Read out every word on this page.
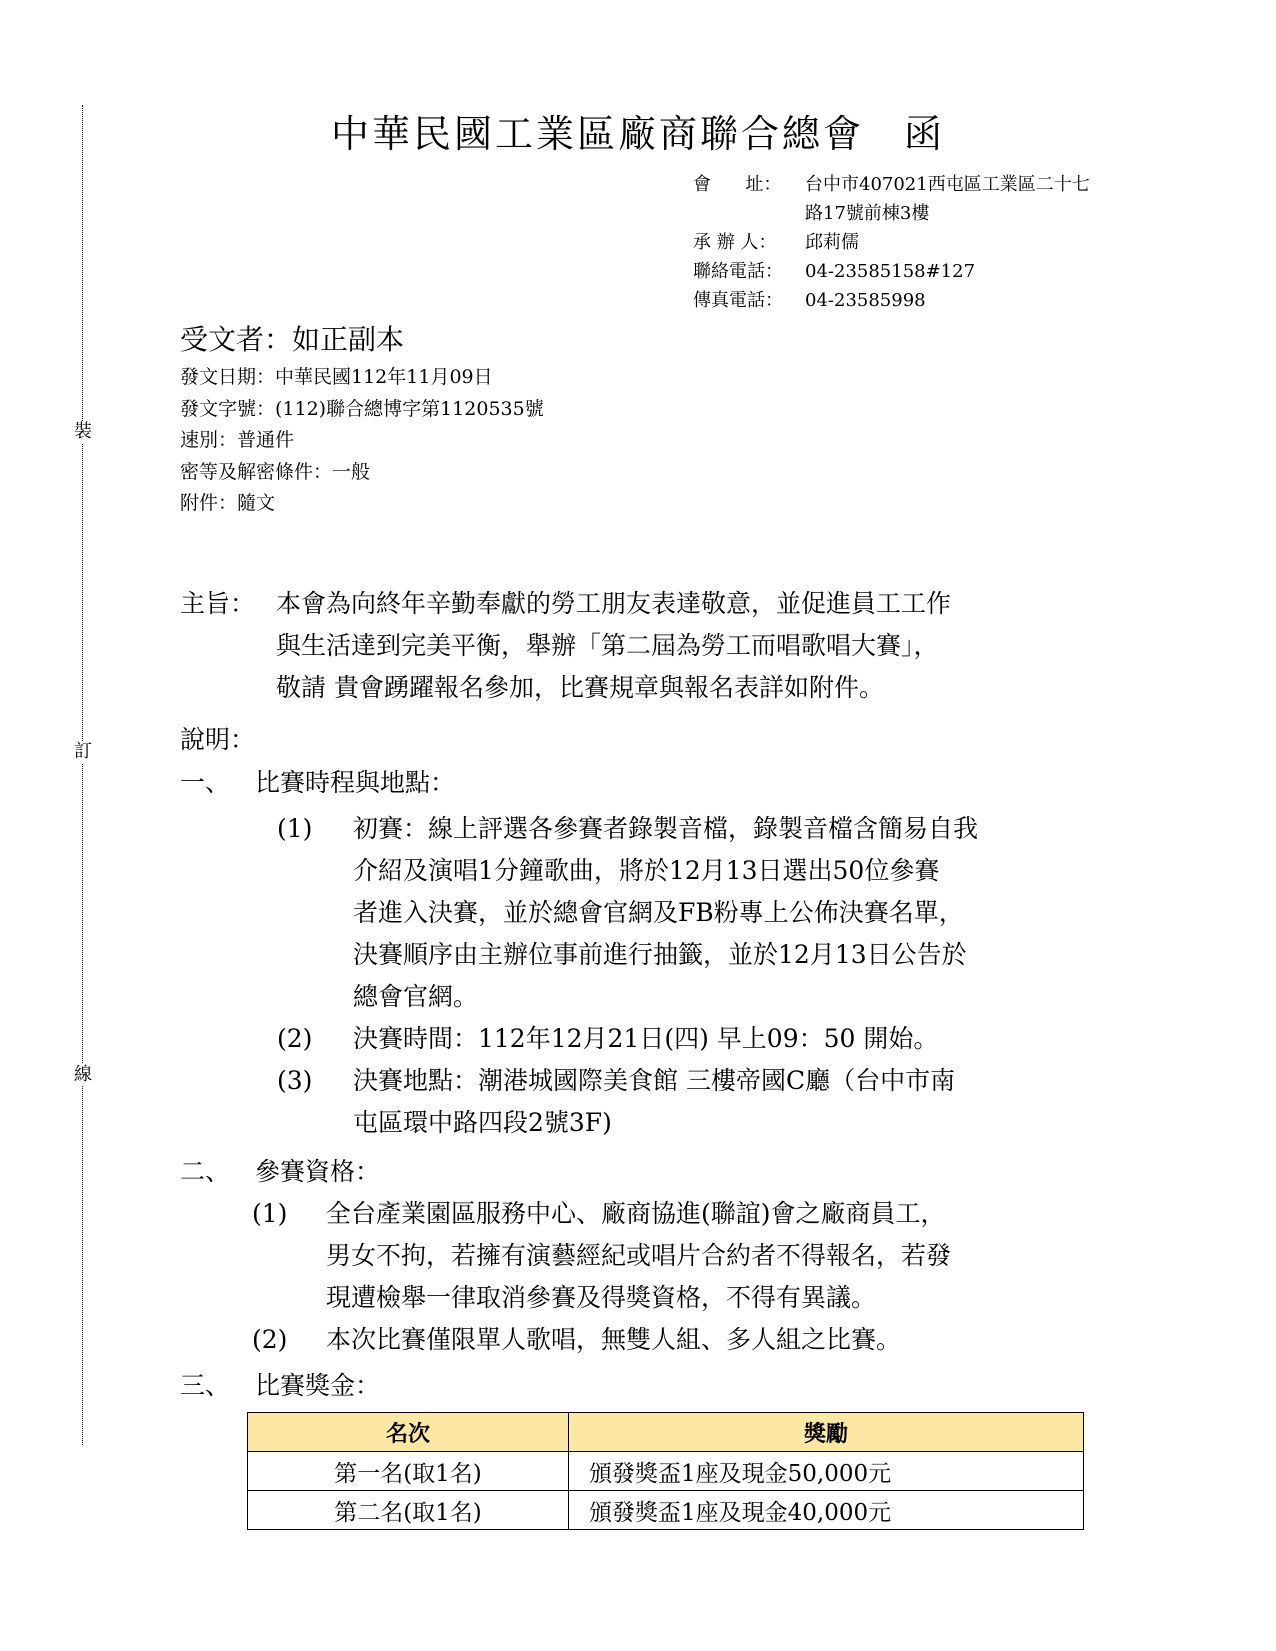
裝
訂
線
中華民國工業區廠商聯合總會 函
會      址：	台中市407021西屯區工業區二十七
路17號前棟3樓
承 辦 人：	邱莉儒
聯絡電話：	04-23585158#127
傳真電話：	04-23585998
受文者：如正副本
發文日期：中華民國112年11月09日
發文字號：(112)聯合總博字第1120535號
速別：普通件
密等及解密條件：一般
附件：隨文
主旨： 本會為向終年辛勤奉獻的勞工朋友表達敬意，並促進員工工作
與生活達到完美平衡，舉辦「第二屆為勞工而唱歌唱大賽」，
敬請 貴會踴躍報名參加，比賽規章與報名表詳如附件。
說明：
一、 比賽時程與地點：
(1) 初賽：線上評選各參賽者錄製音檔，錄製音檔含簡易自我
介紹及演唱1分鐘歌曲，將於12月13日選出50位參賽
者進入決賽，並於總會官網及FB粉專上公佈決賽名單，
決賽順序由主辦位事前進行抽籤，並於12月13日公告於
總會官網。
(2) 決賽時間：112年12月21日(四) 早上09：50 開始。
(3) 決賽地點：潮港城國際美食館 三樓帝國C廳（台中市南
屯區環中路四段2號3F)
二、 參賽資格：
(1) 全台產業園區服務中心、廠商協進(聯誼)會之廠商員工，
男女不拘，若擁有演藝經紀或唱片合約者不得報名，若發
現遭檢舉一律取消參賽及得獎資格，不得有異議。
(2) 本次比賽僅限單人歌唱，無雙人組、多人組之比賽。
三、 比賽獎金：
名次	獎勵
第一名(取1名)	頒發獎盃1座及現金50,000元
第二名(取1名)	頒發獎盃1座及現金40,000元
